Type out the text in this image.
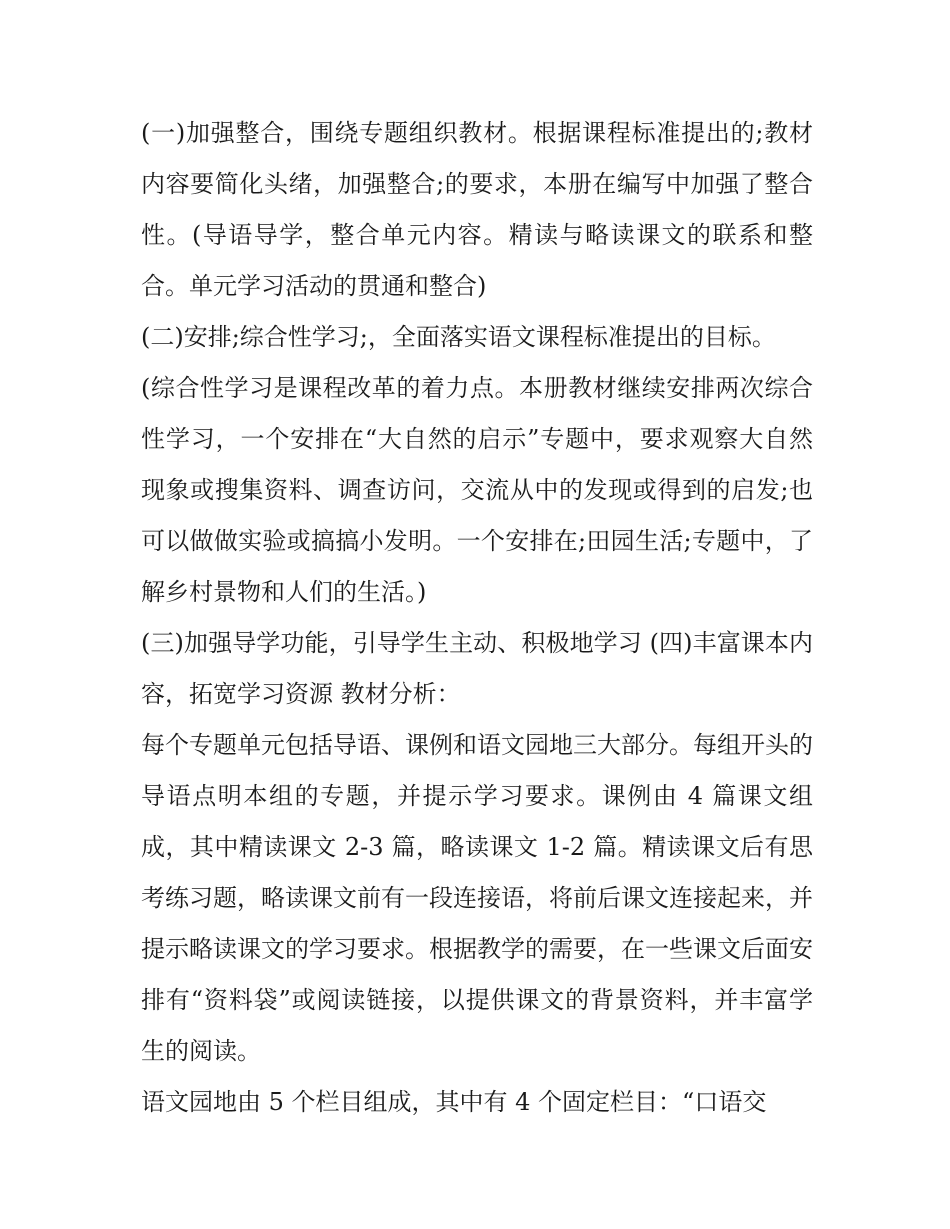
(一)加强整合，围绕专题组织教材。根据课程标准提出的;教材内容要简化头绪，加强整合;的要求，本册在编写中加强了整合性。(导语导学，整合单元内容。精读与略读课文的联系和整合。单元学习活动的贯通和整合)

(二)安排;综合性学习;，全面落实语文课程标准提出的目标。

(综合性学习是课程改革的着力点。本册教材继续安排两次综合性学习，一个安排在“大自然的启示”专题中，要求观察大自然现象或搜集资料、调查访问，交流从中的发现或得到的启发;也可以做做实验或搞搞小发明。一个安排在;田园生活;专题中，了解乡村景物和人们的生活。)

(三)加强导学功能，引导学生主动、积极地学习 (四)丰富课本内容，拓宽学习资源 教材分析：

每个专题单元包括导语、课例和语文园地三大部分。每组开头的导语点明本组的专题，并提示学习要求。课例由 4 篇课文组成，其中精读课文 2-3 篇，略读课文 1-2 篇。精读课文后有思考练习题，略读课文前有一段连接语，将前后课文连接起来，并提示略读课文的学习要求。根据教学的需要，在一些课文后面安排有“资料袋”或阅读链接，以提供课文的背景资料，并丰富学生的阅读。

语文园地由 5 个栏目组成，其中有 4 个固定栏目：“口语交
